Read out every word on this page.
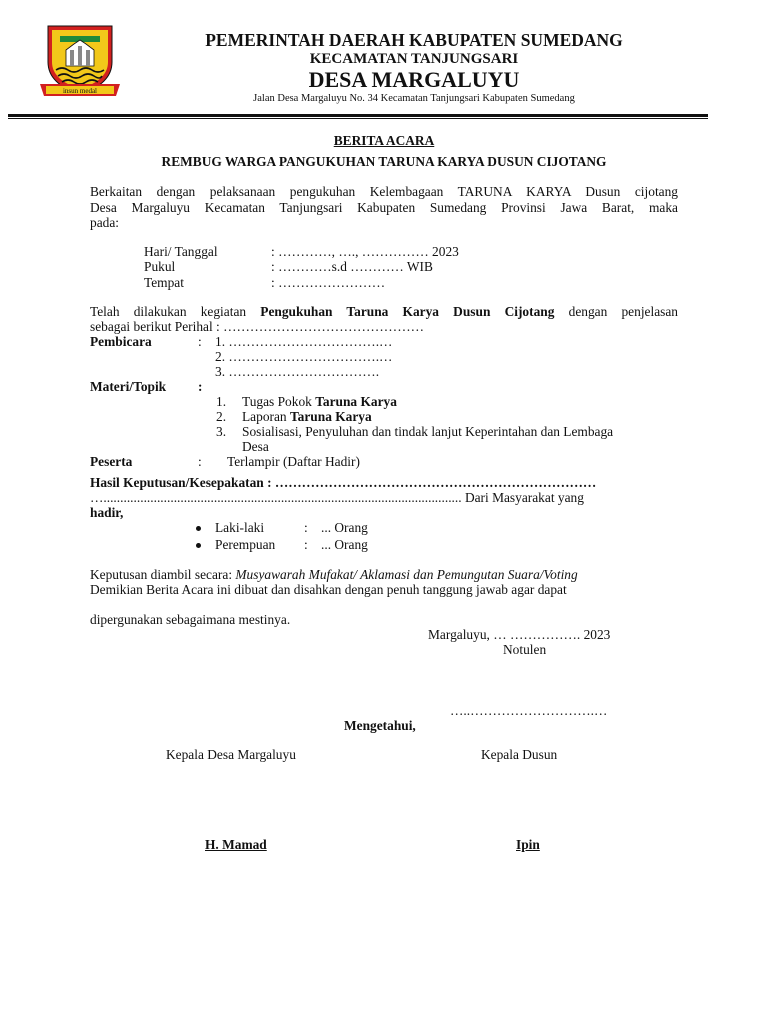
insun medal
PEMERINTAH DAERAH KABUPATEN SUMEDANG
KECAMATAN TANJUNGSARI
DESA MARGALUYU
Jalan Desa Margaluyu No. 34 Kecamatan Tanjungsari Kabupaten Sumedang
BERITA ACARA
REMBUG WARGA PANGUKUHAN TARUNA KARYA DUSUN CIJOTANG
Berkaitan dengan pelaksanaan pengukuhan Kelembagaan TARUNA KARYA Dusun cijotang
Desa Margaluyu Kecamatan Tanjungsari Kabupaten Sumedang Provinsi Jawa Barat, maka
pada:
Hari/ Tanggal	: …………, …., …………… 2023
Pukul	: …………s.d ………… WIB
Tempat	: ……………………
Telah dilakukan kegiatan Pengukuhan Taruna Karya Dusun Cijotang dengan penjelasan
sebagai berikut Perihal : ………………………………………
Pembicara	: 1. …………………………….…
2. …………………………….…
3. …………………………….
Materi/Topik :
1. Tugas Pokok Taruna Karya
2. Laporan Taruna Karya
3. Sosialisasi, Penyuluhan dan tindak lanjut Keperintahan dan Lembaga
Desa
Peserta	: Terlampir (Daftar Hadir)
Hasil Keputusan/Kesepakatan : ………………………………………………………………
…........................................................................................................... Dari Masyarakat yang
hadir,
Laki-laki	: ... Orang
Perempuan : ... Orang
Keputusan diambil secara: Musyawarah Mufakat/ Aklamasi dan Pemungutan Suara/Voting
Demikian Berita Acara ini dibuat dan disahkan dengan penuh tanggung jawab agar dapat
dipergunakan sebagaimana mestinya.
Margaluyu, … ……………. 2023
Notulen
…..……………………….…
Mengetahui,
Kepala Desa Margaluyu	Kepala Dusun
H. Mamad	Ipin
